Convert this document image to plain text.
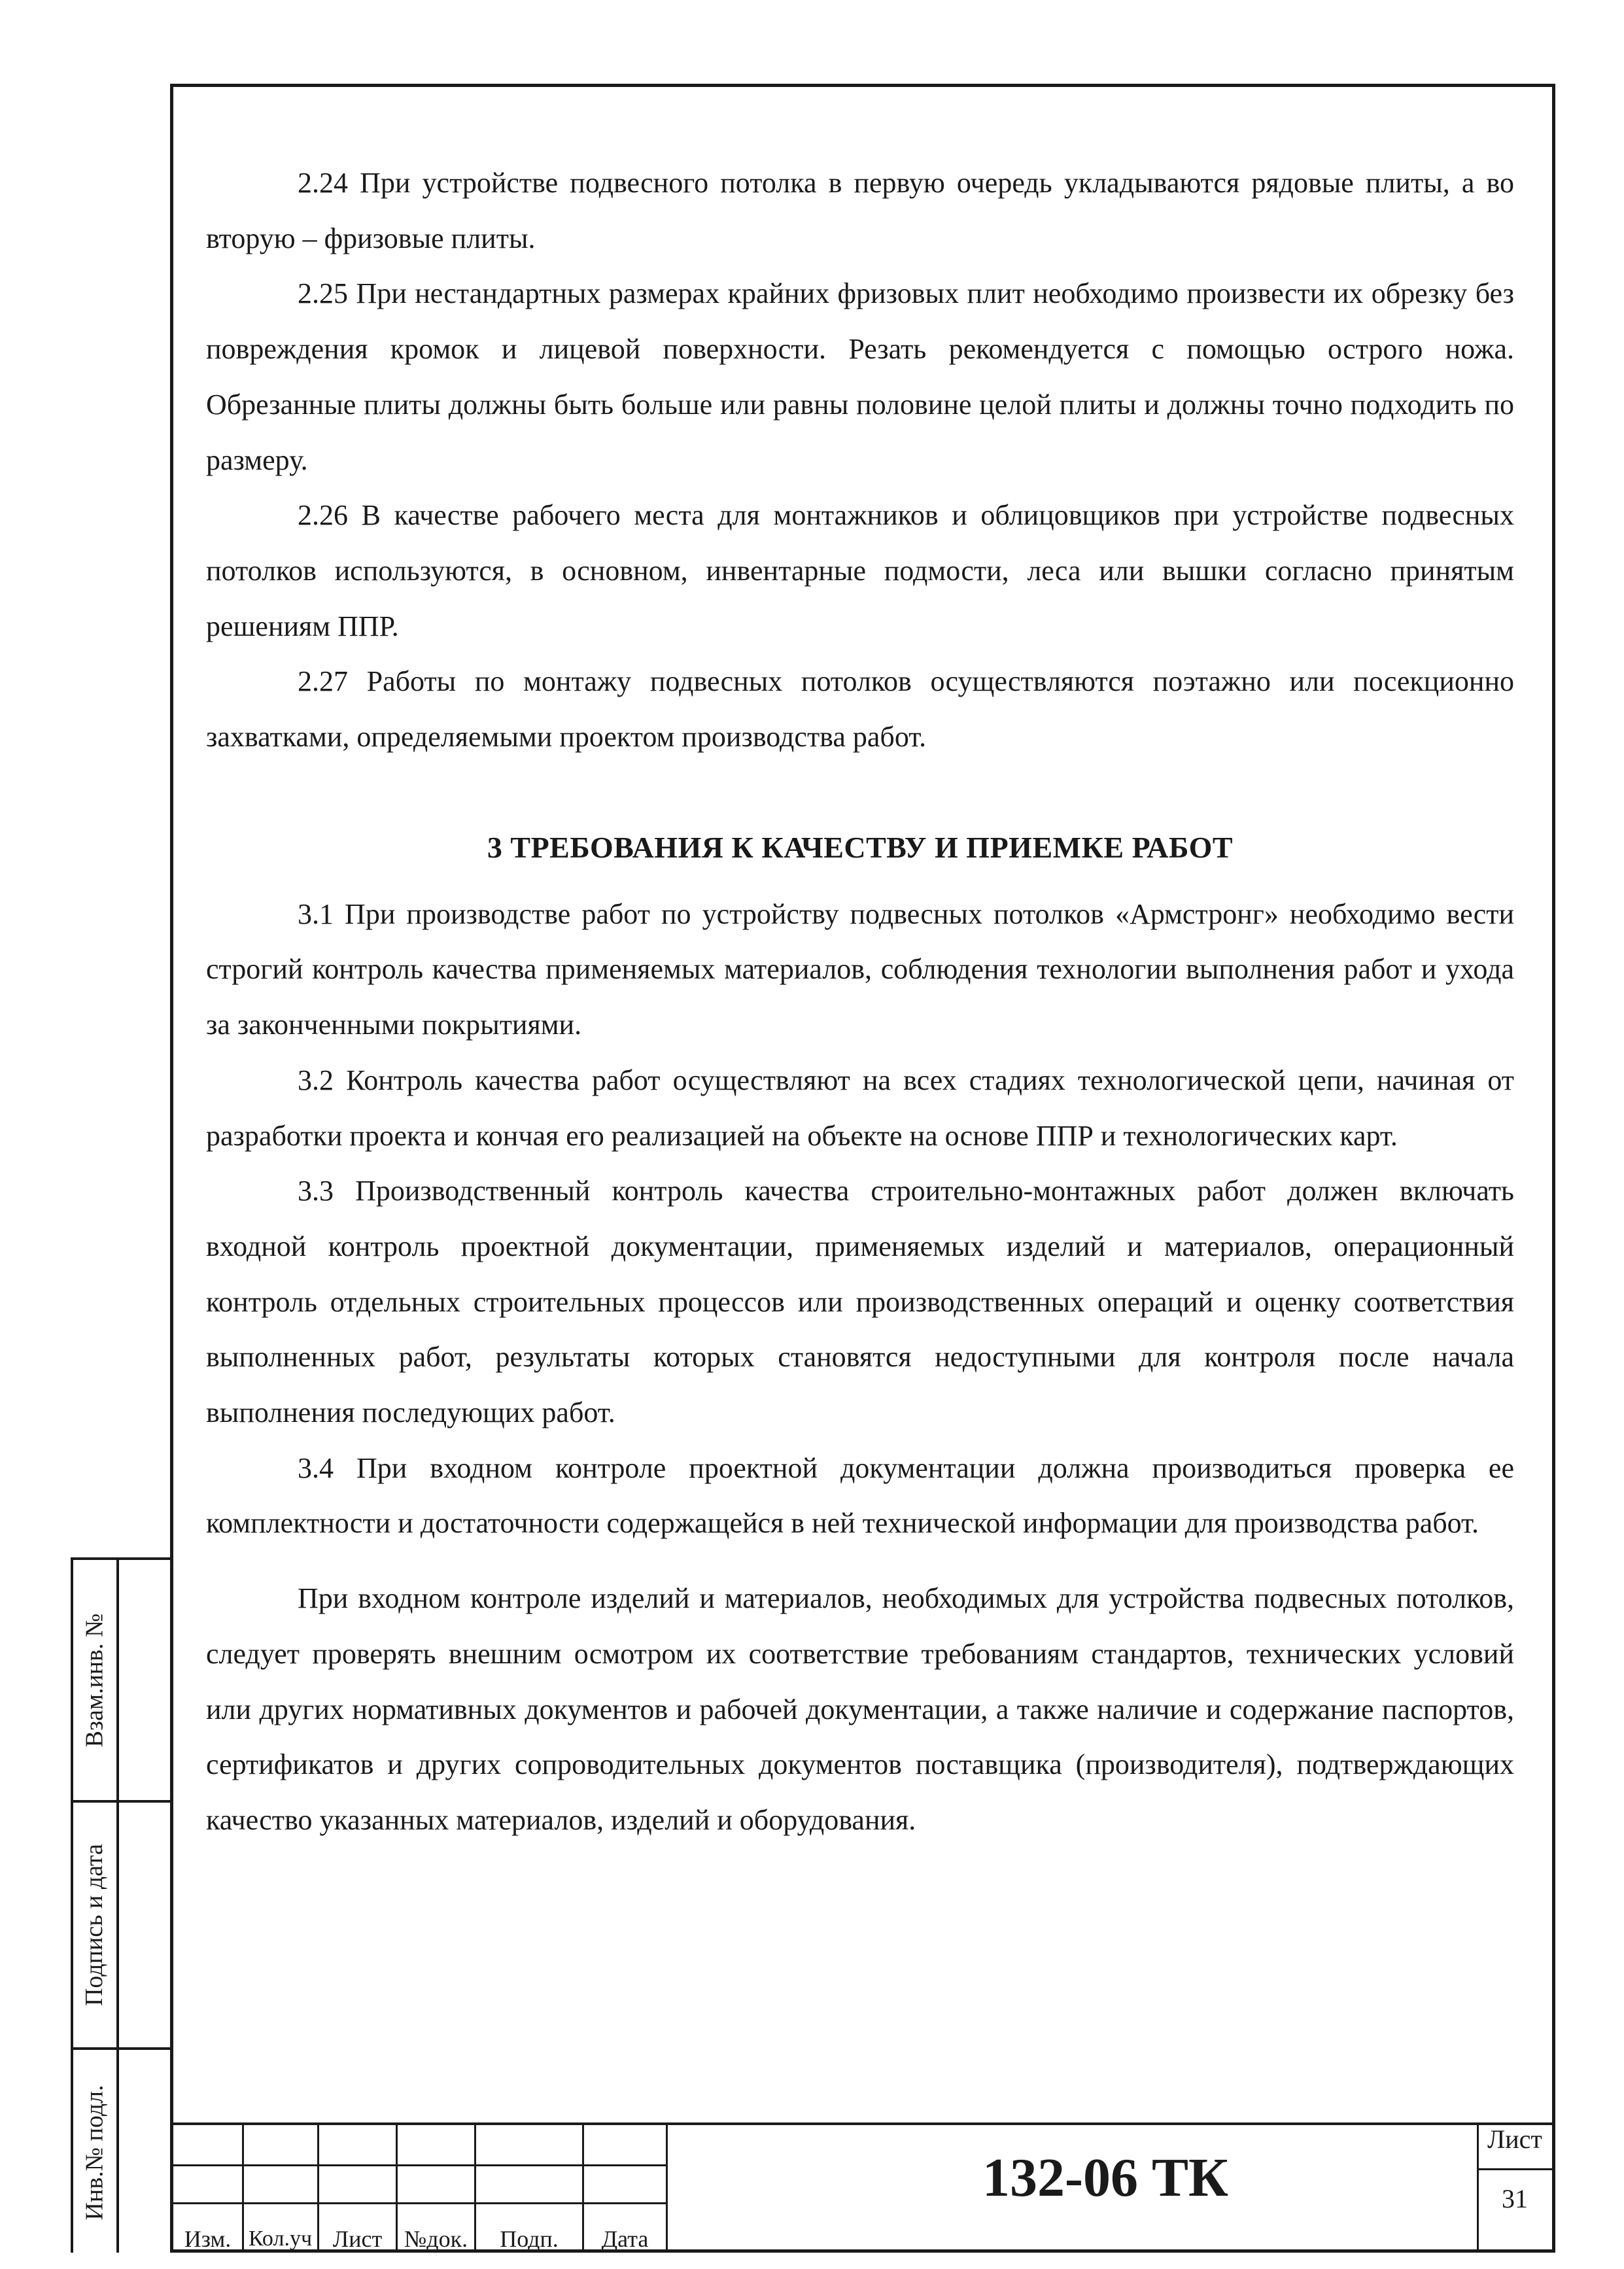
2.24 При устройстве подвесного потолка в первую очередь укладываются рядовые плиты, а во вторую – фризовые плиты.

2.25 При нестандартных размерах крайних фризовых плит необходимо произвести их обрезку без повреждения кромок и лицевой поверхности. Резать рекомендуется с помощью острого ножа. Обрезанные плиты должны быть больше или равны половине целой плиты и должны точно подходить по размеру.

2.26 В качестве рабочего места для монтажников и облицовщиков при устройстве подвесных потолков используются, в основном, инвентарные подмости, леса или вышки согласно принятым решениям ППР.

2.27 Работы по монтажу подвесных потолков осуществляются поэтажно или посекционно захватками, определяемыми проектом производства работ.

3 ТРЕБОВАНИЯ К КАЧЕСТВУ И ПРИЕМКЕ РАБОТ

3.1 При производстве работ по устройству подвесных потолков «Армстронг» необходимо вести строгий контроль качества применяемых материалов, соблюдения технологии выполнения работ и ухода за законченными покрытиями.

3.2 Контроль качества работ осуществляют на всех стадиях технологической цепи, начиная от разработки проекта и кончая его реализацией на объекте на основе ППР и технологических карт.

3.3 Производственный контроль качества строительно-монтажных работ должен включать входной контроль проектной документации, применяемых изделий и материалов, операционный контроль отдельных строительных процессов или производственных операций и оценку соответствия выполненных работ, результаты которых становятся недоступными для контроля после начала выполнения последующих работ.

3.4 При входном контроле проектной документации должна производиться проверка ее комплектности и достаточности содержащейся в ней технической информации для производства работ.

При входном контроле изделий и материалов, необходимых для устройства подвесных потолков, следует проверять внешним осмотром их соответствие требованиям стандартов, технических условий или других нормативных документов и рабочей документации, а также наличие и содержание паспортов, сертификатов и других сопроводительных документов поставщика (производителя), подтверждающих качество указанных материалов, изделий и оборудования.

Взам.инв. №
Подпись и дата
Инв.№ подл.
Изм. Кол.уч Лист №док.	Подп.	Дата
132-06 ТК
Лист
31
